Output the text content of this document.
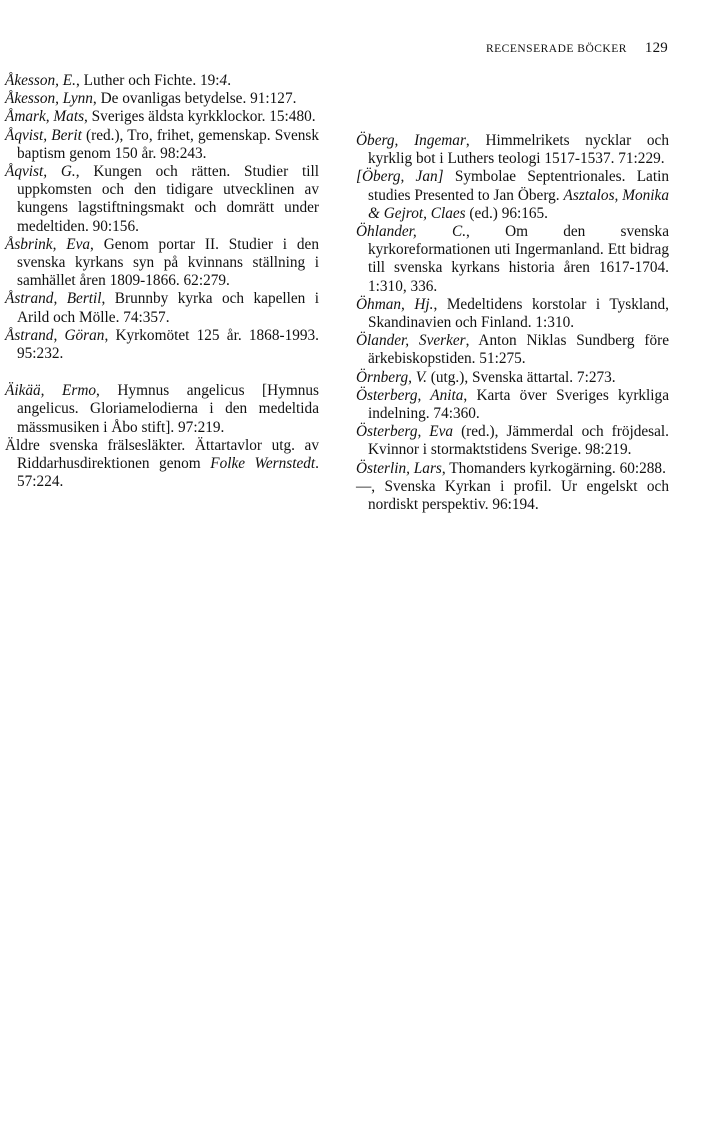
RECENSERADE BÖCKER 129

Åkesson, E., Luther och Fichte. 19:4.

Åkesson, Lynn, De ovanligas betydelse. 91:127.

Åmark, Mats, Sveriges äldsta kyrkklockor. 15:480.

Åqvist, Berit (red.), Tro, frihet, gemenskap. Svensk baptism genom 150 år. 98:243.

Åqvist, G., Kungen och rätten. Studier till uppkomsten och den tidigare utvecklinen av kungens lagstiftningsmakt och domrätt under medeltiden. 90:156.

Åsbrink, Eva, Genom portar II. Studier i den svenska kyrkans syn på kvinnans ställning i samhället åren 1809-1866. 62:279.

Åstrand, Bertil, Brunnby kyrka och kapellen i Arild och Mölle. 74:357.

Åstrand, Göran, Kyrkomötet 125 år. 1868-1993. 95:232.

Äikää, Ermo, Hymnus angelicus [Hymnus angelicus. Gloriamelodierna i den medeltida mässmusiken i Åbo stift]. 97:219.

Äldre svenska frälsesläkter. Ättartavlor utg. av Riddarhusdirektionen genom Folke Wernstedt. 57:224.

Öberg, Ingemar, Himmelrikets nycklar och kyrklig bot i Luthers teologi 1517-1537. 71:229.

[Öberg, Jan] Symbolae Septentrionales. Latin studies Presented to Jan Öberg. Asztalos, Monika & Gejrot, Claes (ed.) 96:165.

Öhlander, C., Om den svenska kyrkoreformationen uti Ingermanland. Ett bidrag till svenska kyrkans historia åren 1617-1704. 1:310, 336.

Öhman, Hj., Medeltidens korstolar i Tyskland, Skandinavien och Finland. 1:310.

Ölander, Sverker, Anton Niklas Sundberg före ärkebiskopstiden. 51:275.

Örnberg, V. (utg.), Svenska ättartal. 7:273.

Österberg, Anita, Karta över Sveriges kyrkliga indelning. 74:360.

Österberg, Eva (red.), Jämmerdal och fröjdesal. Kvinnor i stormaktstidens Sverige. 98:219.

Österlin, Lars, Thomanders kyrkogärning. 60:288.

—, Svenska Kyrkan i profil. Ur engelskt och nordiskt perspektiv. 96:194.
